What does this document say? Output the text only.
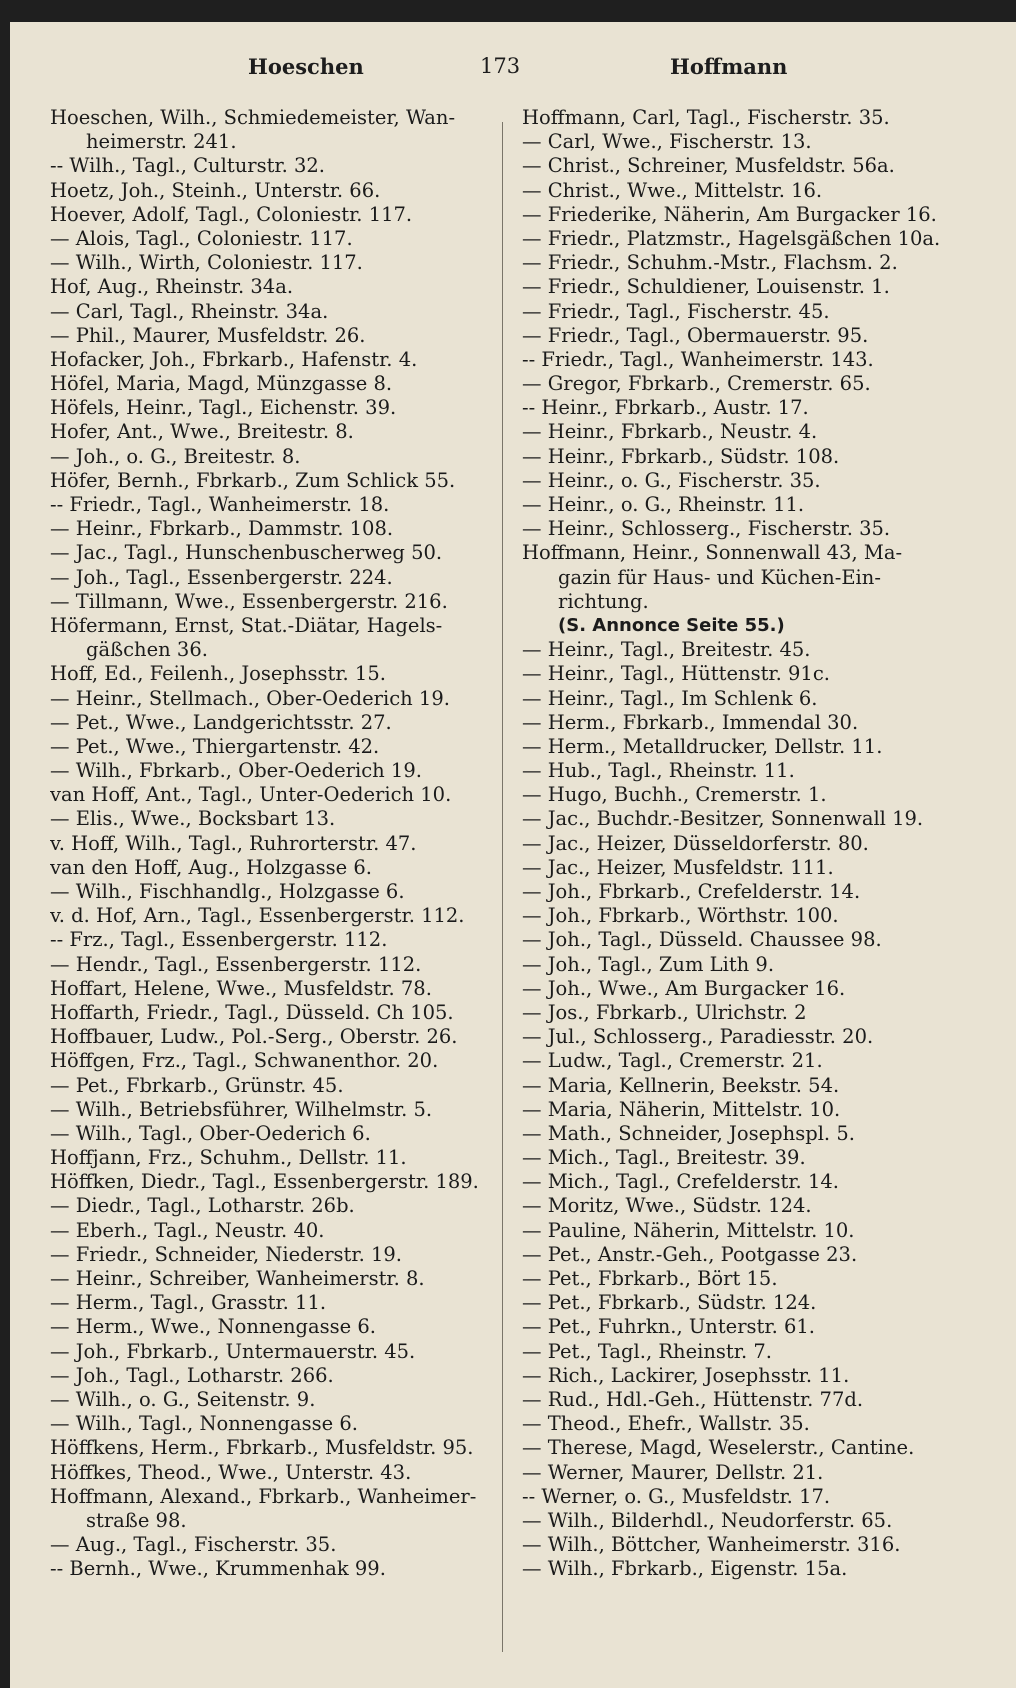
Hoeschen	173	Hoffmann
Hoeschen, Wilh., Schmiedemeister, Wan-
heimerstr. 241.
-- Wilh., Tagl., Culturstr. 32.
Hoetz, Joh., Steinh., Unterstr. 66.
Hoever, Adolf, Tagl., Coloniestr. 117.
— Alois, Tagl., Coloniestr. 117.
— Wilh., Wirth, Coloniestr. 117.
Hof, Aug., Rheinstr. 34a.
— Carl, Tagl., Rheinstr. 34a.
— Phil., Maurer, Musfeldstr. 26.
Hofacker, Joh., Fbrkarb., Hafenstr. 4.
Höfel, Maria, Magd, Münzgasse 8.
Höfels, Heinr., Tagl., Eichenstr. 39.
Hofer, Ant., Wwe., Breitestr. 8.
— Joh., o. G., Breitestr. 8.
Höfer, Bernh., Fbrkarb., Zum Schlick 55.
-- Friedr., Tagl., Wanheimerstr. 18.
— Heinr., Fbrkarb., Dammstr. 108.
— Jac., Tagl., Hunschenbuscherweg 50.
— Joh., Tagl., Essenbergerstr. 224.
— Tillmann, Wwe., Essenbergerstr. 216.
Höfermann, Ernst, Stat.-Diätar, Hagels-
gäßchen 36.
Hoff, Ed., Feilenh., Josephsstr. 15.
— Heinr., Stellmach., Ober-Oederich 19.
— Pet., Wwe., Landgerichtsstr. 27.
— Pet., Wwe., Thiergartenstr. 42.
— Wilh., Fbrkarb., Ober-Oederich 19.
van Hoff, Ant., Tagl., Unter-Oederich 10.
— Elis., Wwe., Bocksbart 13.
v. Hoff, Wilh., Tagl., Ruhrorterstr. 47.
van den Hoff, Aug., Holzgasse 6.
— Wilh., Fischhandlg., Holzgasse 6.
v. d. Hof, Arn., Tagl., Essenbergerstr. 112.
-- Frz., Tagl., Essenbergerstr. 112.
— Hendr., Tagl., Essenbergerstr. 112.
Hoffart, Helene, Wwe., Musfeldstr. 78.
Hoffarth, Friedr., Tagl., Düsseld. Ch 105.
Hoffbauer, Ludw., Pol.-Serg., Oberstr. 26.
Höffgen, Frz., Tagl., Schwanenthor. 20.
— Pet., Fbrkarb., Grünstr. 45.
— Wilh., Betriebsführer, Wilhelmstr. 5.
— Wilh., Tagl., Ober-Oederich 6.
Hoffjann, Frz., Schuhm., Dellstr. 11.
Höffken, Diedr., Tagl., Essenbergerstr. 189.
— Diedr., Tagl., Lotharstr. 26b.
— Eberh., Tagl., Neustr. 40.
— Friedr., Schneider, Niederstr. 19.
— Heinr., Schreiber, Wanheimerstr. 8.
— Herm., Tagl., Grasstr. 11.
— Herm., Wwe., Nonnengasse 6.
— Joh., Fbrkarb., Untermauerstr. 45.
— Joh., Tagl., Lotharstr. 266.
— Wilh., o. G., Seitenstr. 9.
— Wilh., Tagl., Nonnengasse 6.
Höffkens, Herm., Fbrkarb., Musfeldstr. 95.
Höffkes, Theod., Wwe., Unterstr. 43.
Hoffmann, Alexand., Fbrkarb., Wanheimer-
straße 98.
— Aug., Tagl., Fischerstr. 35.
-- Bernh., Wwe., Krummenhak 99.
Hoffmann, Carl, Tagl., Fischerstr. 35.
— Carl, Wwe., Fischerstr. 13.
— Christ., Schreiner, Musfeldstr. 56a.
— Christ., Wwe., Mittelstr. 16.
— Friederike, Näherin, Am Burgacker 16.
— Friedr., Platzmstr., Hagelsgäßchen 10a.
— Friedr., Schuhm.-Mstr., Flachsm. 2.
— Friedr., Schuldiener, Louisenstr. 1.
— Friedr., Tagl., Fischerstr. 45.
— Friedr., Tagl., Obermauerstr. 95.
-- Friedr., Tagl., Wanheimerstr. 143.
— Gregor, Fbrkarb., Cremerstr. 65.
-- Heinr., Fbrkarb., Austr. 17.
— Heinr., Fbrkarb., Neustr. 4.
— Heinr., Fbrkarb., Südstr. 108.
— Heinr., o. G., Fischerstr. 35.
— Heinr., o. G., Rheinstr. 11.
— Heinr., Schlosserg., Fischerstr. 35.
Hoffmann, Heinr., Sonnenwall 43, Ma-
gazin für Haus- und Küchen-Ein-
richtung.
(S. Annonce Seite 55.)
— Heinr., Tagl., Breitestr. 45.
— Heinr., Tagl., Hüttenstr. 91c.
— Heinr., Tagl., Im Schlenk 6.
— Herm., Fbrkarb., Immendal 30.
— Herm., Metalldrucker, Dellstr. 11.
— Hub., Tagl., Rheinstr. 11.
— Hugo, Buchh., Cremerstr. 1.
— Jac., Buchdr.-Besitzer, Sonnenwall 19.
— Jac., Heizer, Düsseldorferstr. 80.
— Jac., Heizer, Musfeldstr. 111.
— Joh., Fbrkarb., Crefelderstr. 14.
— Joh., Fbrkarb., Wörthstr. 100.
— Joh., Tagl., Düsseld. Chaussee 98.
— Joh., Tagl., Zum Lith 9.
— Joh., Wwe., Am Burgacker 16.
— Jos., Fbrkarb., Ulrichstr. 2
— Jul., Schlosserg., Paradiesstr. 20.
— Ludw., Tagl., Cremerstr. 21.
— Maria, Kellnerin, Beekstr. 54.
— Maria, Näherin, Mittelstr. 10.
— Math., Schneider, Josephspl. 5.
— Mich., Tagl., Breitestr. 39.
— Mich., Tagl., Crefelderstr. 14.
— Moritz, Wwe., Südstr. 124.
— Pauline, Näherin, Mittelstr. 10.
— Pet., Anstr.-Geh., Pootgasse 23.
— Pet., Fbrkarb., Bört 15.
— Pet., Fbrkarb., Südstr. 124.
— Pet., Fuhrkn., Unterstr. 61.
— Pet., Tagl., Rheinstr. 7.
— Rich., Lackirer, Josephsstr. 11.
— Rud., Hdl.-Geh., Hüttenstr. 77d.
— Theod., Ehefr., Wallstr. 35.
— Therese, Magd, Weselerstr., Cantine.
— Werner, Maurer, Dellstr. 21.
-- Werner, o. G., Musfeldstr. 17.
— Wilh., Bilderhdl., Neudorferstr. 65.
— Wilh., Böttcher, Wanheimerstr. 316.
— Wilh., Fbrkarb., Eigenstr. 15a.
